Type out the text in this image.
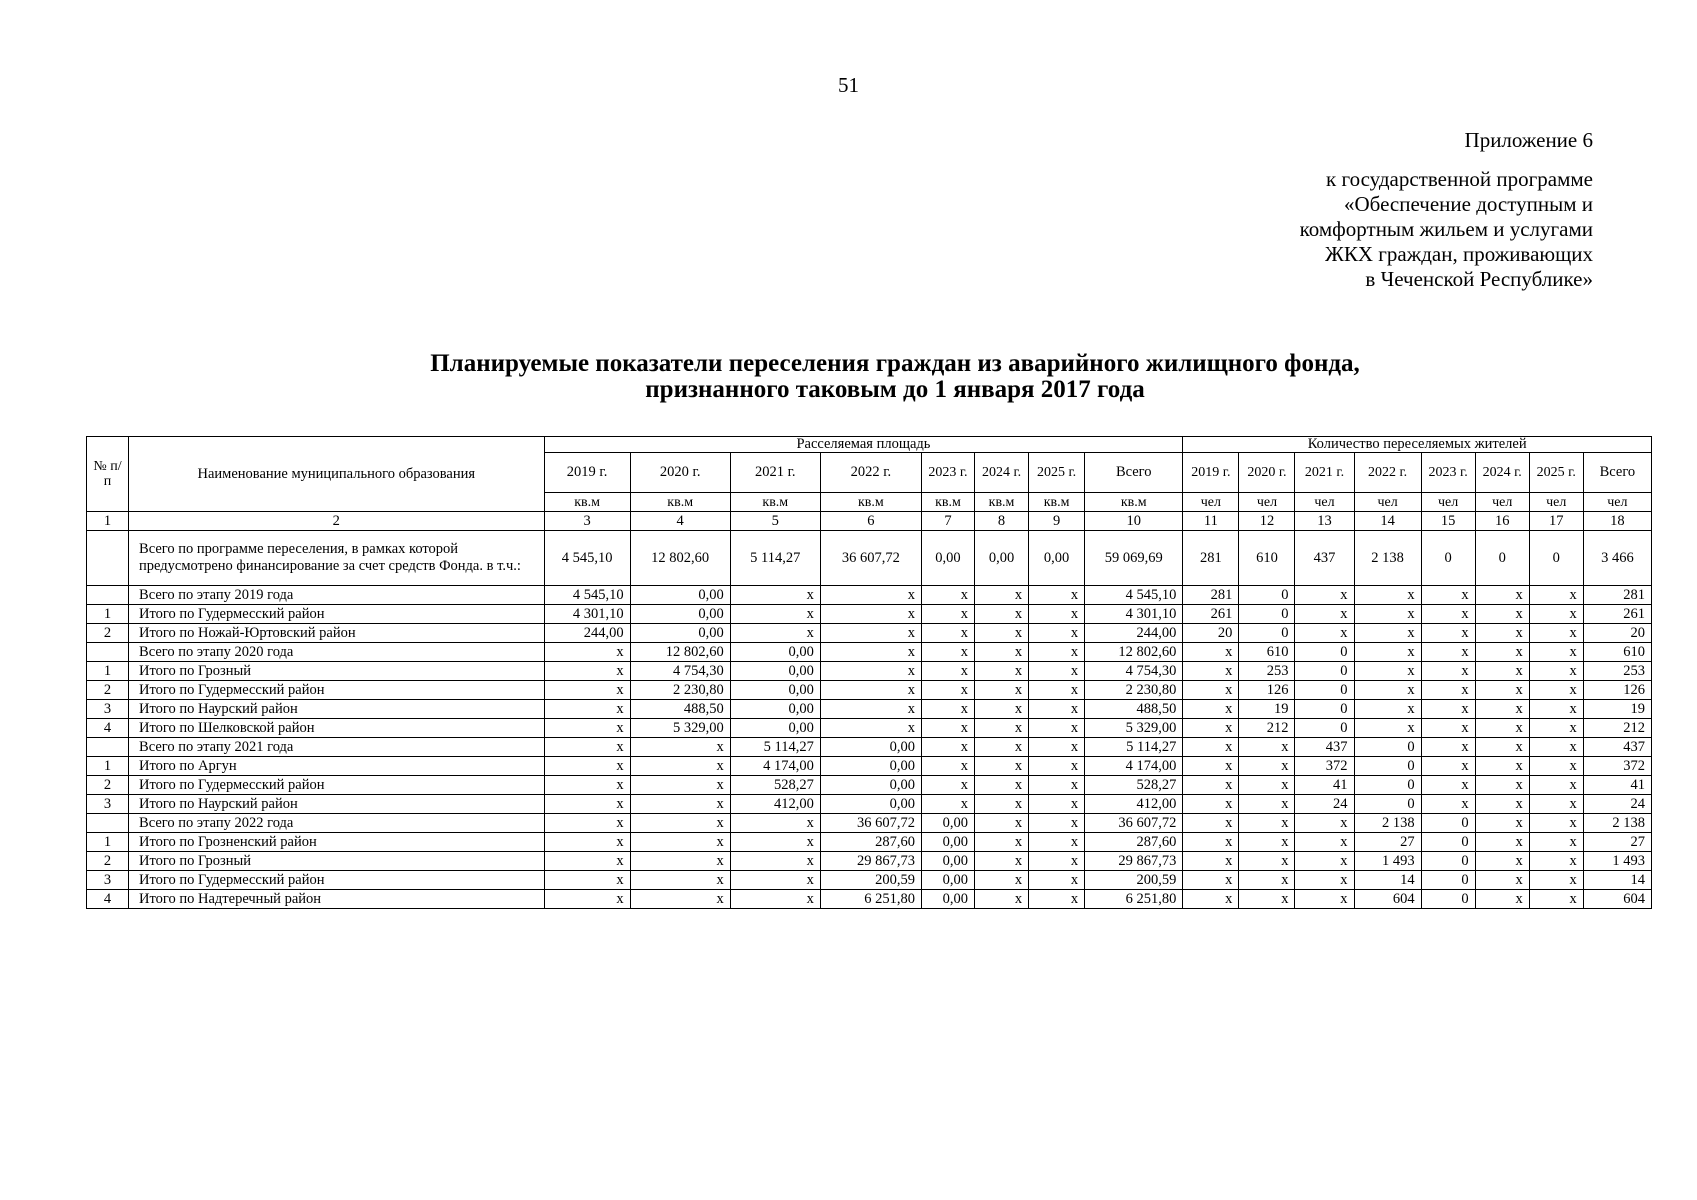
51
Приложение 6
к государственной программе
«Обеспечение доступным и
комфортным жильем и услугами
ЖКХ граждан, проживающих
в Чеченской Республике»
Планируемые показатели переселения граждан из аварийного жилищного фонда,
признанного таковым до 1 января 2017 года
№ п/п	Наименование муниципального образования	Расселяемая площадь								Количество переселяемых жителей							
		2019 г.	2020 г.	2021 г.	2022 г.	2023 г.	2024 г.	2025 г.	Всего	2019 г.	2020 г.	2021 г.	2022 г.	2023 г.	2024 г.	2025 г.	Всего
		кв.м	кв.м	кв.м	кв.м	кв.м	кв.м	кв.м	кв.м	чел	чел	чел	чел	чел	чел	чел	чел
1	2	3	4	5	6	7	8	9	10	11	12	13	14	15	16	17	18
	Всего по программе переселения, в рамках которой предусмотрено финансирование за счет средств Фонда. в т.ч.:	4 545,10	12 802,60	5 114,27	36 607,72	0,00	0,00	0,00	59 069,69	281	610	437	2 138	0	0	0	3 466
	Всего по этапу 2019 года	4 545,10	0,00	х	х	х	х	х	4 545,10	281	0	х	х	х	х	х	281
1	Итого по Гудермесский район	4 301,10	0,00	х	х	х	х	х	4 301,10	261	0	х	х	х	х	х	261
2	Итого по Ножай-Юртовский район	244,00	0,00	х	х	х	х	х	244,00	20	0	х	х	х	х	х	20
	Всего по этапу 2020 года	х	12 802,60	0,00	х	х	х	х	12 802,60	х	610	0	х	х	х	х	610
1	Итого по Грозный	х	4 754,30	0,00	х	х	х	х	4 754,30	х	253	0	х	х	х	х	253
2	Итого по Гудермесский район	х	2 230,80	0,00	х	х	х	х	2 230,80	х	126	0	х	х	х	х	126
3	Итого по Наурский район	х	488,50	0,00	х	х	х	х	488,50	х	19	0	х	х	х	х	19
4	Итого по Шелковской район	х	5 329,00	0,00	х	х	х	х	5 329,00	х	212	0	х	х	х	х	212
	Всего по этапу 2021 года	х	х	5 114,27	0,00	х	х	х	5 114,27	х	х	437	0	х	х	х	437
1	Итого по Аргун	х	х	4 174,00	0,00	х	х	х	4 174,00	х	х	372	0	х	х	х	372
2	Итого по Гудермесский район	х	х	528,27	0,00	х	х	х	528,27	х	х	41	0	х	х	х	41
3	Итого по Наурский район	х	х	412,00	0,00	х	х	х	412,00	х	х	24	0	х	х	х	24
	Всего по этапу 2022 года	х	х	х	36 607,72	0,00	х	х	36 607,72	х	х	х	2 138	0	х	х	2 138
1	Итого по Грозненский район	х	х	х	287,60	0,00	х	х	287,60	х	х	х	27	0	х	х	27
2	Итого по Грозный	х	х	х	29 867,73	0,00	х	х	29 867,73	х	х	х	1 493	0	х	х	1 493
3	Итого по Гудермесский район	х	х	х	200,59	0,00	х	х	200,59	х	х	х	14	0	х	х	14
4	Итого по Надтеречный район	х	х	х	6 251,80	0,00	х	х	6 251,80	х	х	х	604	0	х	х	604
